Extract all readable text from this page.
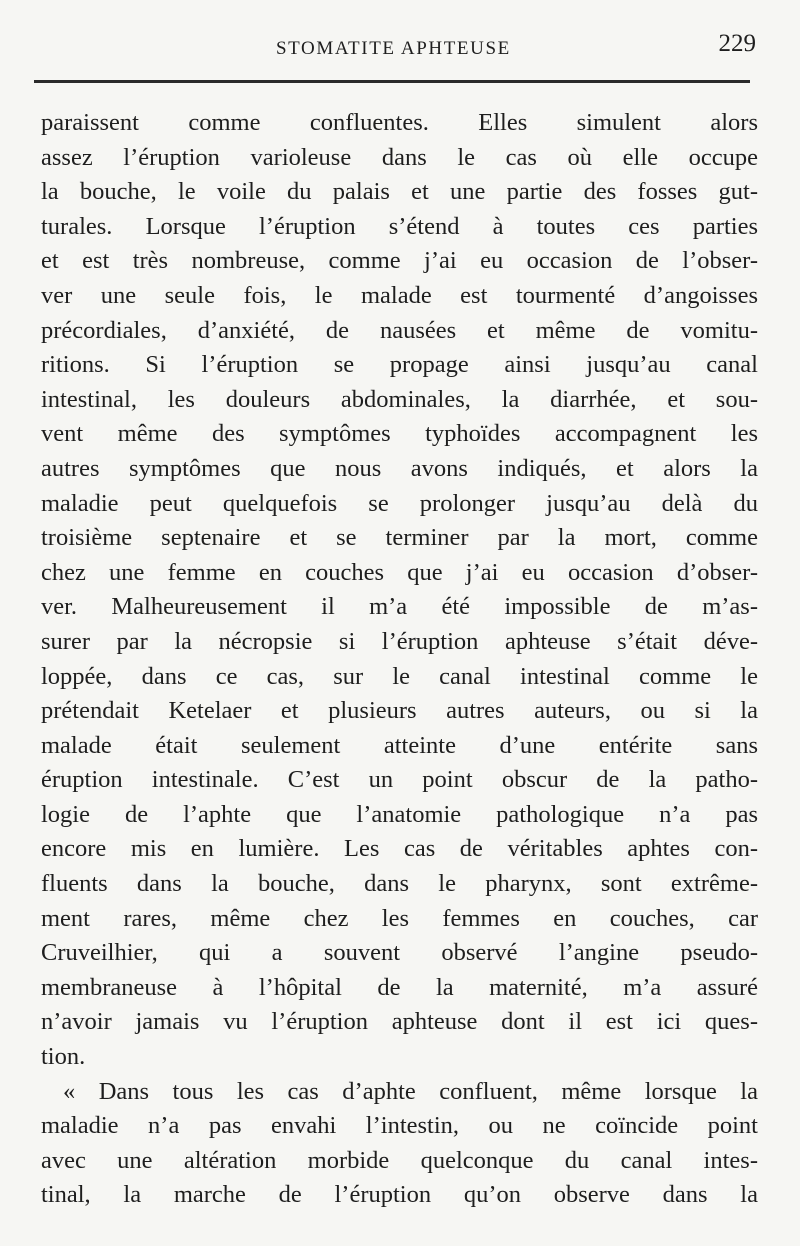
STOMATITE APHTEUSE	229
paraissent comme confluentes. Elles simulent alors
assez l’éruption varioleuse dans le cas où elle occupe
la bouche, le voile du palais et une partie des fosses gut-
turales. Lorsque l’éruption s’étend à toutes ces parties
et est très nombreuse, comme j’ai eu occasion de l’obser-
ver une seule fois, le malade est tourmenté d’angoisses
précordiales, d’anxiété, de nausées et même de vomitu-
ritions. Si l’éruption se propage ainsi jusqu’au canal
intestinal, les douleurs abdominales, la diarrhée, et sou-
vent même des symptômes typhoïdes accompagnent les
autres symptômes que nous avons indiqués, et alors la
maladie peut quelquefois se prolonger jusqu’au delà du
troisième septenaire et se terminer par la mort, comme
chez une femme en couches que j’ai eu occasion d’obser-
ver. Malheureusement il m’a été impossible de m’as-
surer par la nécropsie si l’éruption aphteuse s’était déve-
loppée, dans ce cas, sur le canal intestinal comme le
prétendait Ketelaer et plusieurs autres auteurs, ou si la
malade était seulement atteinte d’une entérite sans
éruption intestinale. C’est un point obscur de la patho-
logie de l’aphte que l’anatomie pathologique n’a pas
encore mis en lumière. Les cas de véritables aphtes con-
fluents dans la bouche, dans le pharynx, sont extrême-
ment rares, même chez les femmes en couches, car
Cruveilhier, qui a souvent observé l’angine pseudo-
membraneuse à l’hôpital de la maternité, m’a assuré
n’avoir jamais vu l’éruption aphteuse dont il est ici ques-
tion.
« Dans tous les cas d’aphte confluent, même lorsque la
maladie n’a pas envahi l’intestin, ou ne coïncide point
avec une altération morbide quelconque du canal intes-
tinal, la marche de l’éruption qu’on observe dans la
